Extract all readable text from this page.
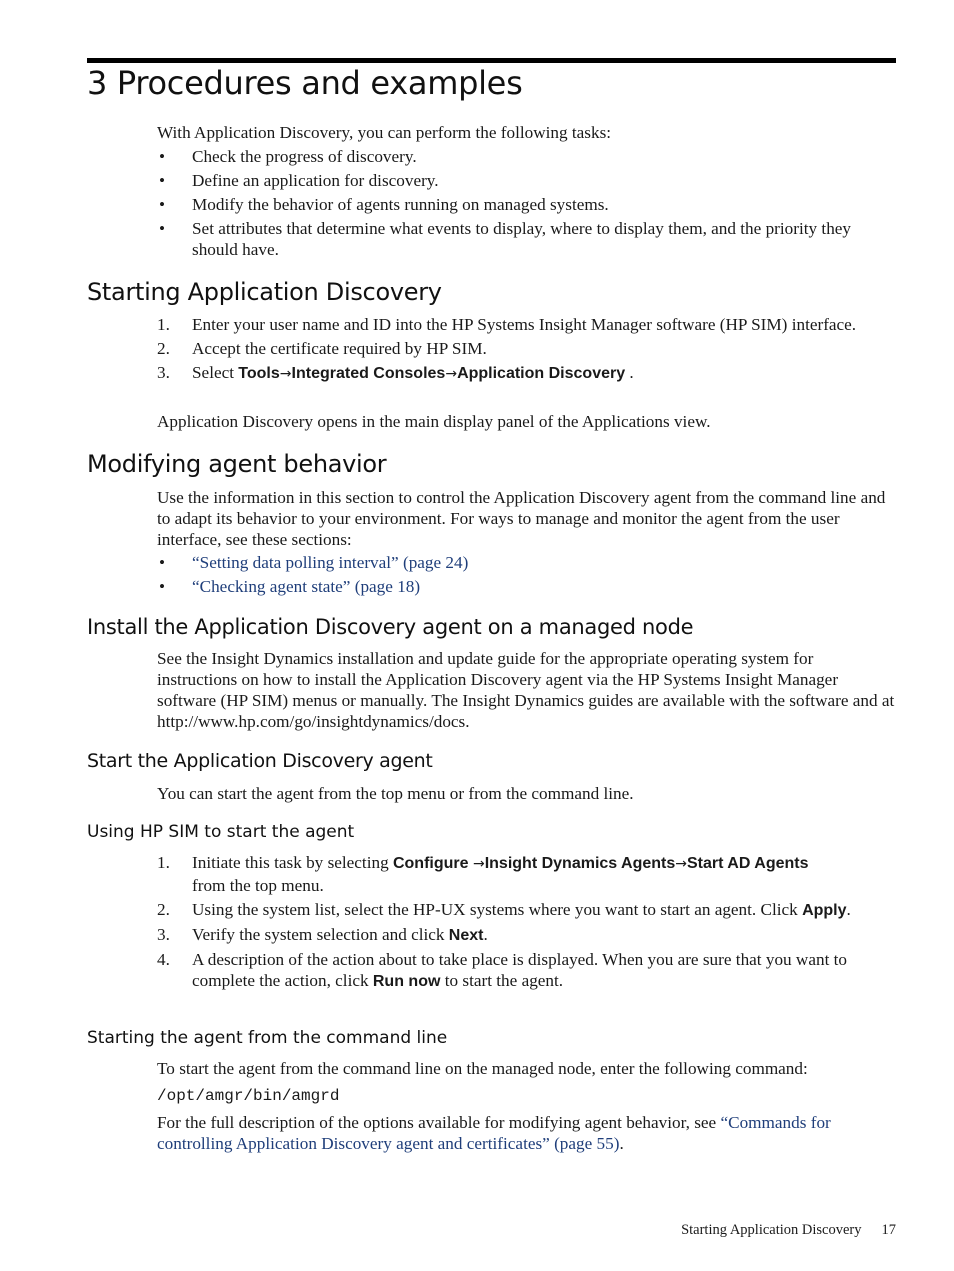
3 Procedures and examples

With Application Discovery, you can perform the following tasks:

• Check the progress of discovery.
• Define an application for discovery.
• Modify the behavior of agents running on managed systems.
• Set attributes that determine what events to display, where to display them, and the priority they should have.
Starting Application Discovery
1. Enter your user name and ID into the HP Systems Insight Manager software (HP SIM) interface.
2. Accept the certificate required by HP SIM.
3. Select Tools→Integrated Consoles→Application Discovery .

Application Discovery opens in the main display panel of the Applications view.

Modifying agent behavior

Use the information in this section to control the Application Discovery agent from the command line and to adapt its behavior to your environment. For ways to manage and monitor the agent from the user interface, see these sections:

• “Setting data polling interval” (page 24)
• “Checking agent state” (page 18)
Install the Application Discovery agent on a managed node

See the Insight Dynamics installation and update guide for the appropriate operating system for instructions on how to install the Application Discovery agent via the HP Systems Insight Manager software (HP SIM) menus or manually. The Insight Dynamics guides are available with the software and at http://www.hp.com/go/insightdynamics/docs.

Start the Application Discovery agent

You can start the agent from the top menu or from the command line.

Using HP SIM to start the agent
1. Initiate this task by selecting Configure →Insight Dynamics Agents→Start AD Agents
from the top menu.
2. Using the system list, select the HP-UX systems where you want to start an agent. Click Apply.
3. Verify the system selection and click Next.
4. A description of the action about to take place is displayed. When you are sure that you want to complete the action, click Run now to start the agent.
Starting the agent from the command line

To start the agent from the command line on the managed node, enter the following command:

/opt/amgr/bin/amgrd

For the full description of the options available for modifying agent behavior, see “Commands for controlling Application Discovery agent and certificates” (page 55).

Starting Application Discovery 17
